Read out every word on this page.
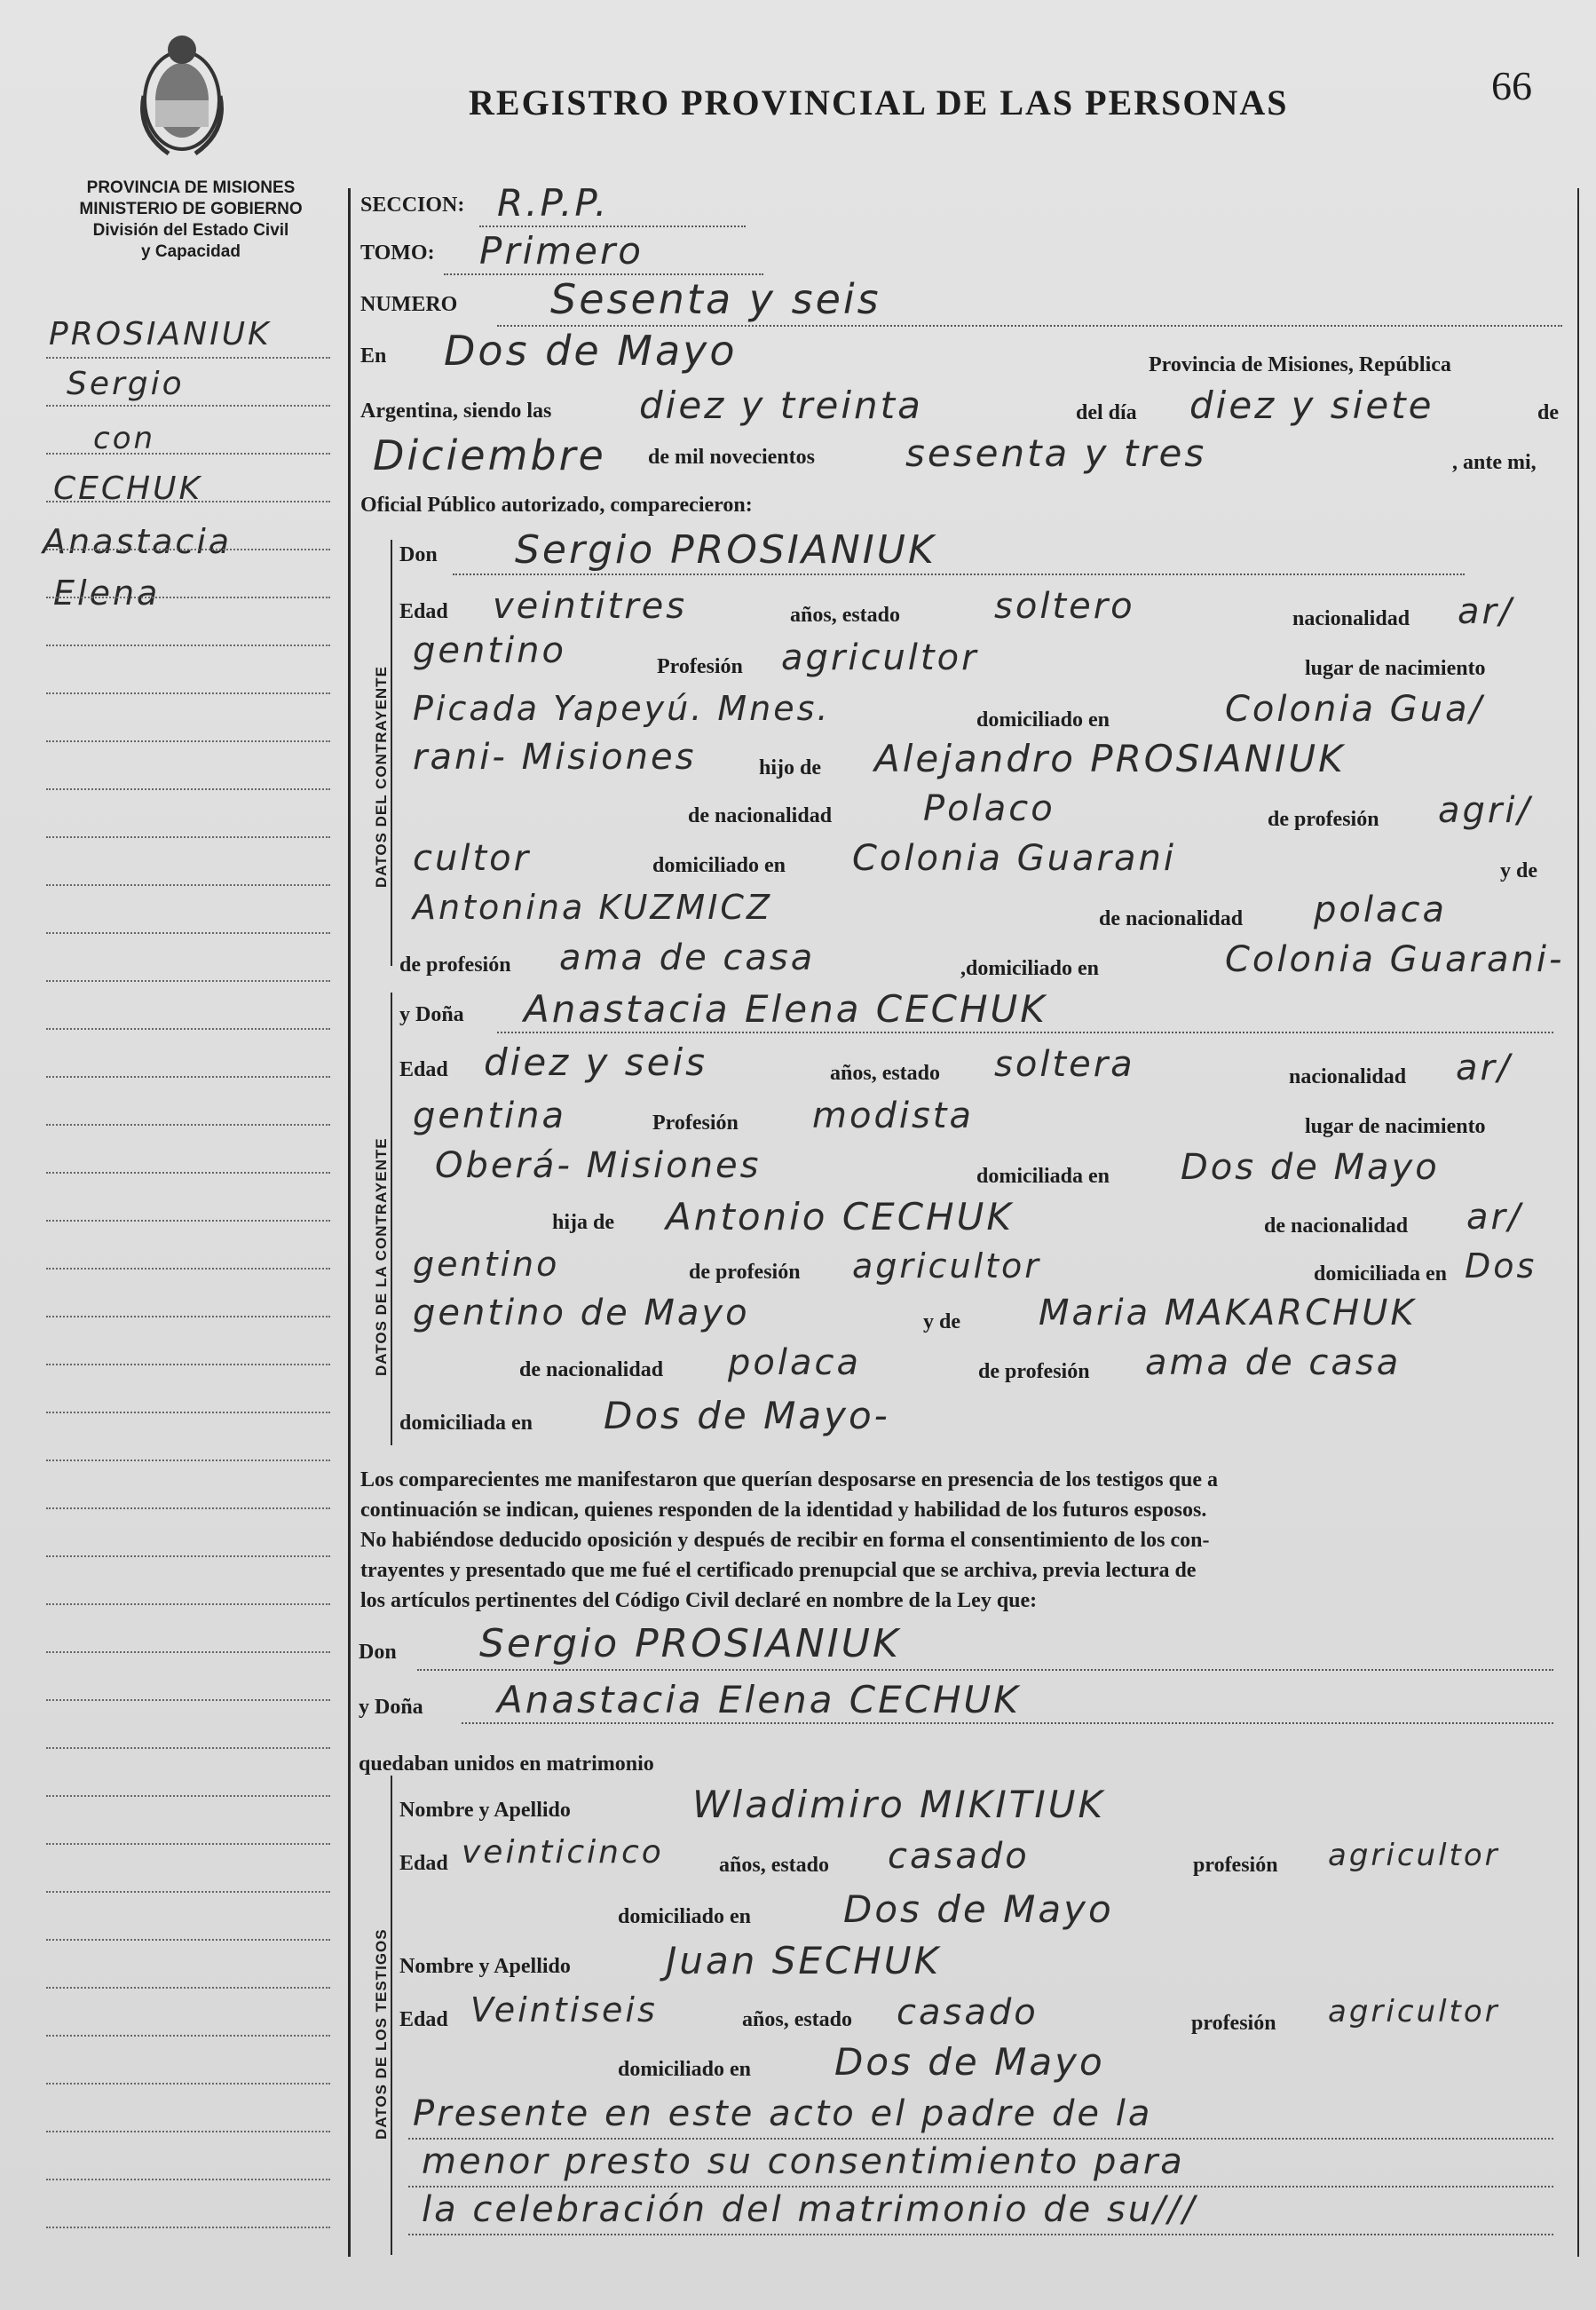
PROVINCIA DE MISIONES
MINISTERIO DE GOBIERNO
División del Estado Civil
y Capacidad
REGISTRO PROVINCIAL DE LAS PERSONAS	66
PROSIANIUK
Sergio
con
CECHUK
Anastacia
Elena
SECCION: R.P.P.
TOMO: Primero
NUMERO Sesenta y seis
En Dos de Mayo	Provincia de Misiones, República
Argentina, siendo las diez y treinta	del día diez y siete	de
Diciembre de mil novecientos sesenta y tres	, ante mi,
Oficial Público autorizado, comparecieron:
DATOS DEL CONTRAYENTE
Don Sergio PROSIANIUK
Edad veintitres	años, estado	soltero	nacionalidad ar/
gentino	Profesión agricultor	lugar de nacimiento
Picada Yapeyú. Mnes.	domiciliado en	Colonia Gua/
rani- Misiones	hijo de Alejandro PROSIANIUK
de nacionalidad	Polaco	de profesión agri/
cultor	domiciliado en Colonia Guarani	y de
Antonina KUZMICZ	de nacionalidad polaca
de profesión ama de casa	,domiciliado en	Colonia Guarani-
DATOS DE LA CONTRAYENTE
y Doña Anastacia Elena CECHUK
Edad diez y seis	años, estado soltera	nacionalidad ar/
gentina	Profesión modista	lugar de nacimiento
Oberá- Misiones	domiciliada en Dos de Mayo
hija de Antonio CECHUK	de nacionalidad ar/
gentino	de profesión agricultor	domiciliada en Dos
gentino de Mayo	y de Maria MAKARCHUK
de nacionalidad polaca	de profesión ama de casa
domiciliada en Dos de Mayo-
Los comparecientes me manifestaron que querían desposarse en presencia de los testigos que a
continuación se indican, quienes responden de la identidad y habilidad de los futuros esposos.
No habiéndose deducido oposición y después de recibir en forma el consentimiento de los con-
trayentes y presentado que me fué el certificado prenupcial que se archiva, previa lectura de
los artículos pertinentes del Código Civil declaré en nombre de la Ley que:
Don Sergio PROSIANIUK
y Doña Anastacia Elena CECHUK
quedaban unidos en matrimonio
DATOS DE LOS TESTIGOS
Nombre y Apellido	Wladimiro MIKITIUK
Edad veinticinco	años, estado casado	profesión agricultor
domiciliado en Dos de Mayo
Nombre y Apellido	Juan SECHUK
Edad Veintiseis	años, estado casado	profesión agricultor
domiciliado en Dos de Mayo
Presente en este acto el padre de la
menor presto su consentimiento para
la celebración del matrimonio de su///
